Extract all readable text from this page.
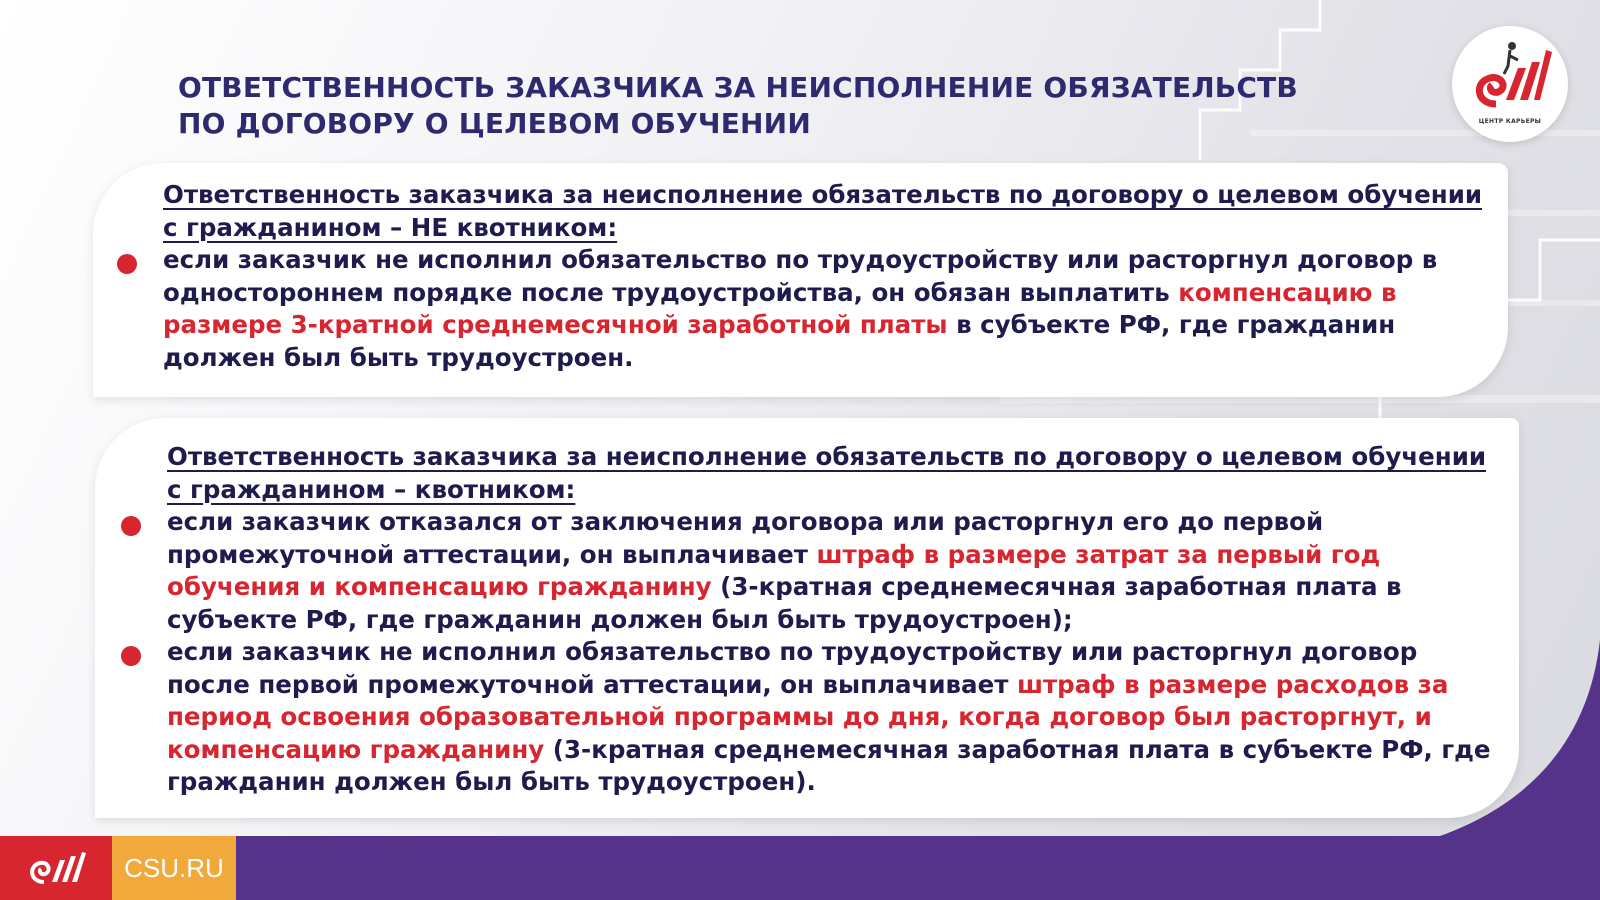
ОТВЕТСТВЕННОСТЬ ЗАКАЗЧИКА ЗА НЕИСПОЛНЕНИЕ ОБЯЗАТЕЛЬСТВ
ПО ДОГОВОРУ О ЦЕЛЕВОМ ОБУЧЕНИИ	ЦЕНТР КАРЬЕРЫ

Ответственность заказчика за неисполнение обязательств по договору о целевом обучении с гражданином – НЕ квотником:

если заказчик не исполнил обязательство по трудоустройству или расторгнул договор в одностороннем порядке после трудоустройства, он обязан выплатить компенсацию в размере 3-кратной среднемесячной заработной платы в субъекте РФ, где гражданин должен был быть трудоустроен.

Ответственность заказчика за неисполнение обязательств по договору о целевом обучении с гражданином – квотником:

если заказчик отказался от заключения договора или расторгнул его до первой промежуточной аттестации, он выплачивает штраф в размере затрат за первый год обучения и компенсацию гражданину (3-кратная среднемесячная заработная плата в субъекте РФ, где гражданин должен был быть трудоустроен);

если заказчик не исполнил обязательство по трудоустройству или расторгнул договор после первой промежуточной аттестации, он выплачивает штраф в размере расходов за период освоения образовательной программы до дня, когда договор был расторгнут, и компенсацию гражданину (3-кратная среднемесячная заработная плата в субъекте РФ, где гражданин должен был быть трудоустроен).

CSU.RU
